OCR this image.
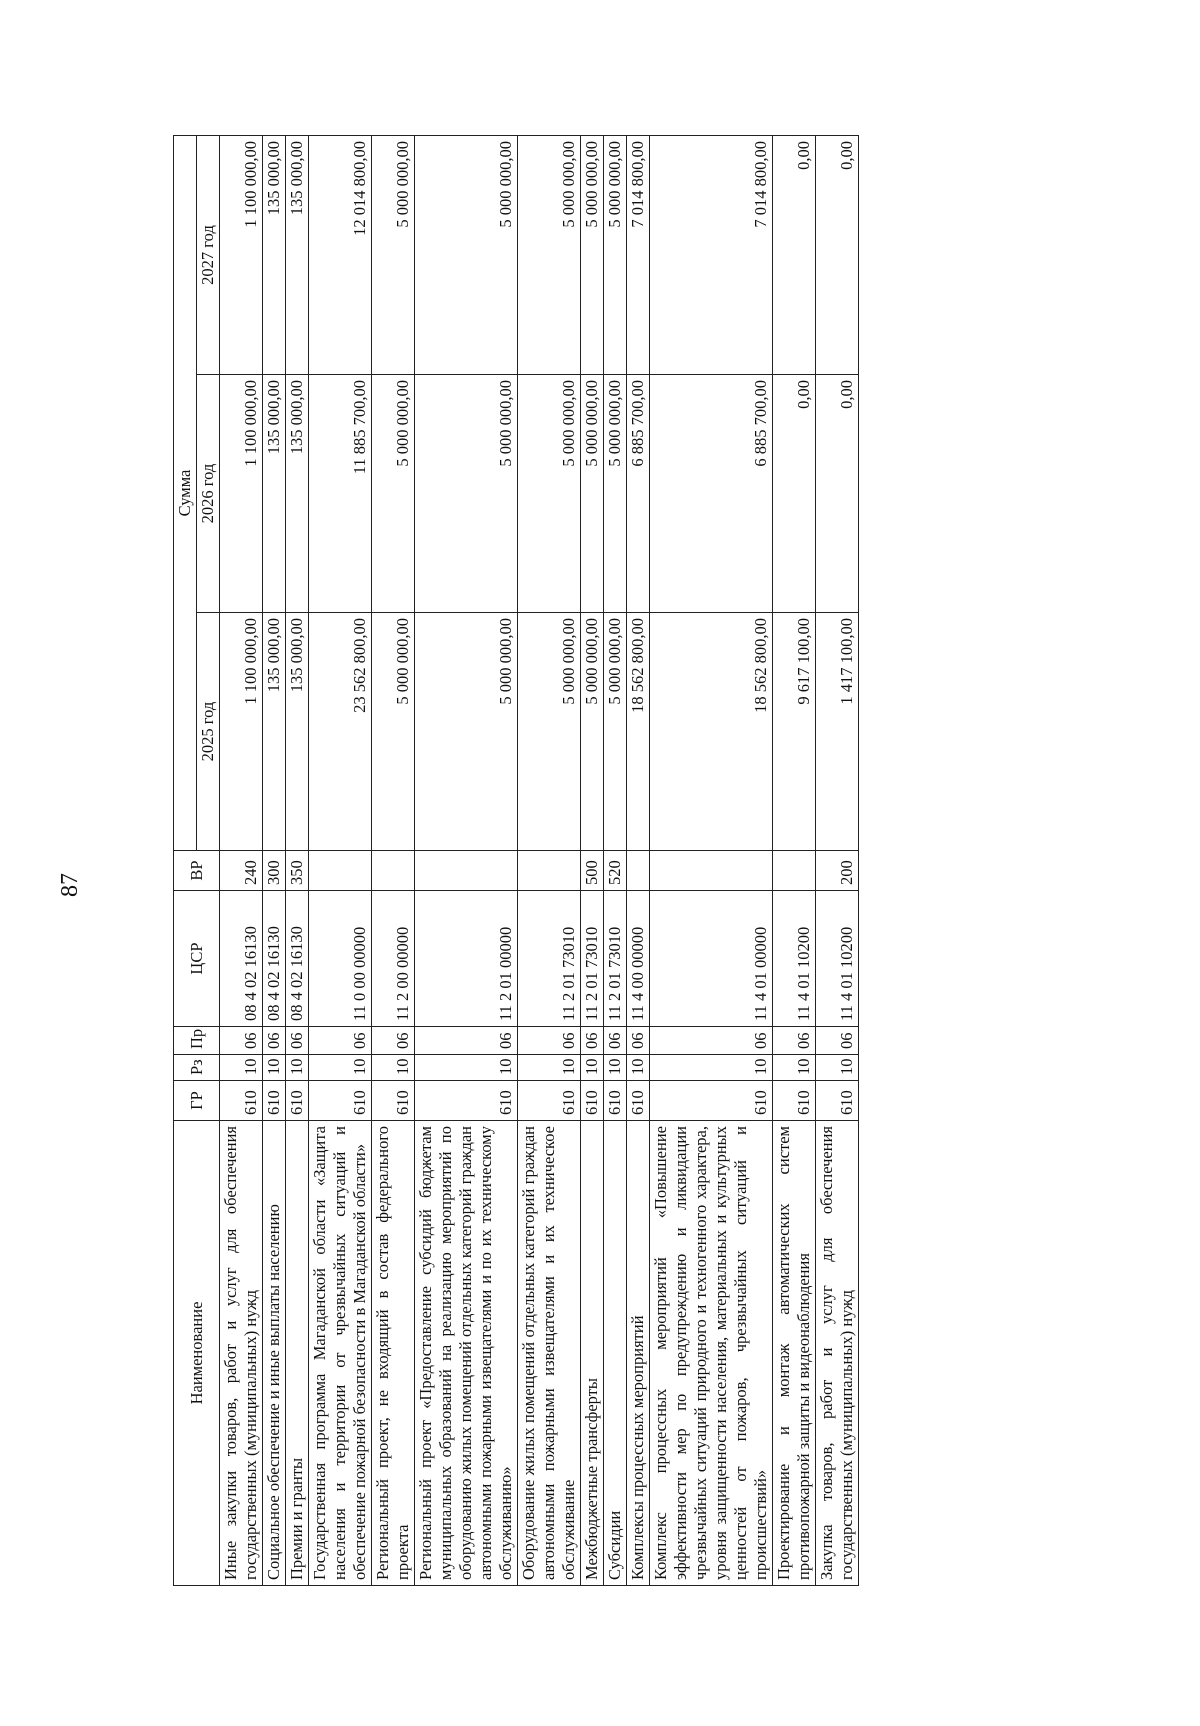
87
Наименование	ГР	Рз	Пр	ЦСР	ВР	Сумма		
						2025 год	2026 год	2027 год
Иные закупки товаров, работ и услуг для обеспечения государственных (муниципальных) нужд	610	10	06	08 4 02 16130	240	1 100 000,00	1 100 000,00	1 100 000,00
Социальное обеспечение и иные выплаты населению	610	10	06	08 4 02 16130	300	135 000,00	135 000,00	135 000,00
Премии и гранты	610	10	06	08 4 02 16130	350	135 000,00	135 000,00	135 000,00
Государственная программа Магаданской области «Защита населения и территории от чрезвычайных ситуаций и обеспечение пожарной безопасности в Магаданской области»	610	10	06	11 0 00 00000		23 562 800,00	11 885 700,00	12 014 800,00
Региональный проект, не входящий в состав федерального проекта	610	10	06	11 2 00 00000		5 000 000,00	5 000 000,00	5 000 000,00
Региональный проект «Предоставление субсидий бюджетам муниципальных образований на реализацию мероприятий по оборудованию жилых помещений отдельных категорий граждан автономными пожарными извещателями и по их техническому обслуживанию»	610	10	06	11 2 01 00000		5 000 000,00	5 000 000,00	5 000 000,00
Оборудование жилых помещений отдельных категорий граждан автономными пожарными извещателями и их техническое обслуживание	610	10	06	11 2 01 73010		5 000 000,00	5 000 000,00	5 000 000,00
Межбюджетные трансферты	610	10	06	11 2 01 73010	500	5 000 000,00	5 000 000,00	5 000 000,00
Субсидии	610	10	06	11 2 01 73010	520	5 000 000,00	5 000 000,00	5 000 000,00
Комплексы процессных мероприятий	610	10	06	11 4 00 00000		18 562 800,00	6 885 700,00	7 014 800,00
Комплекс процессных мероприятий «Повышение эффективности мер по предупреждению и ликвидации чрезвычайных ситуаций природного и техногенного характера, уровня защищенности населения, материальных и культурных ценностей от пожаров, чрезвычайных ситуаций и происшествий»	610	10	06	11 4 01 00000		18 562 800,00	6 885 700,00	7 014 800,00
Проектирование и монтаж автоматических систем противопожарной защиты и видеонаблюдения	610	10	06	11 4 01 10200		9 617 100,00	0,00	0,00
Закупка товаров, работ и услуг для обеспечения государственных (муниципальных) нужд	610	10	06	11 4 01 10200	200	1 417 100,00	0,00	0,00
